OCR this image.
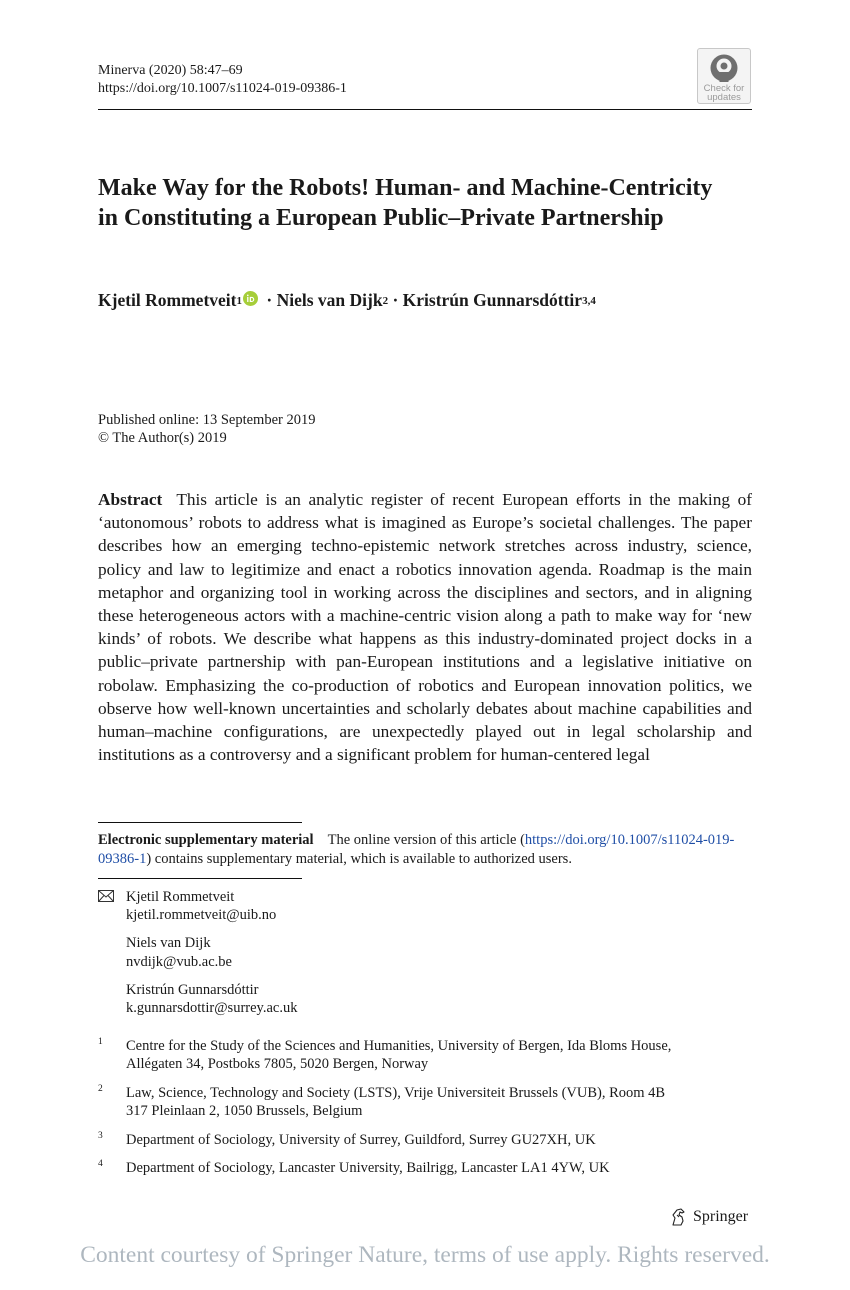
Minerva (2020) 58:47–69
https://doi.org/10.1007/s11024-019-09386-1	Check for
updates
Make Way for the Robots! Human- and Machine-Centricity in Constituting a European Public–Private Partnership
Kjetil Rommetveit$^1$ · Niels van Dijk$^2$ · Kristrún Gunnarsdóttir$^{3,4}$
Published online: 13 September 2019
© The Author(s) 2019
Abstract This article is an analytic register of recent European efforts in the making of ‘autonomous’ robots to address what is imagined as Europe’s societal challenges. The paper describes how an emerging techno-epistemic network stretches across industry, science, policy and law to legitimize and enact a robotics innovation agenda. Roadmap is the main metaphor and organizing tool in working across the disciplines and sectors, and in aligning these heterogeneous actors with a machine-centric vision along a path to make way for ‘new kinds’ of robots. We describe what happens as this industry-dominated project docks in a public–private partnership with pan-European institutions and a legislative initiative on robolaw. Emphasizing the co-production of robotics and European innovation politics, we observe how well-known uncertainties and scholarly debates about machine capabilities and human–machine configurations, are unexpectedly played out in legal scholarship and institutions as a controversy and a significant problem for human-centered legal
Electronic supplementary material The online version of this article (https://doi.org/10.1007/s11024-019-09386-1) contains supplementary material, which is available to authorized users.
Kjetil Rommetveit
kjetil.rommetveit@uib.no
Niels van Dijk
nvdijk@vub.ac.be
Kristrún Gunnarsdóttir
k.gunnarsdottir@surrey.ac.uk
1 Centre for the Study of the Sciences and Humanities, University of Bergen, Ida Bloms House,
Allégaten 34, Postboks 7805, 5020 Bergen, Norway
2 Law, Science, Technology and Society (LSTS), Vrije Universiteit Brussels (VUB), Room 4B
317 Pleinlaan 2, 1050 Brussels, Belgium
3 Department of Sociology, University of Surrey, Guildford, Surrey GU27XH, UK
4 Department of Sociology, Lancaster University, Bailrigg, Lancaster LA1 4YW, UK
Springer
Content courtesy of Springer Nature, terms of use apply. Rights reserved.
